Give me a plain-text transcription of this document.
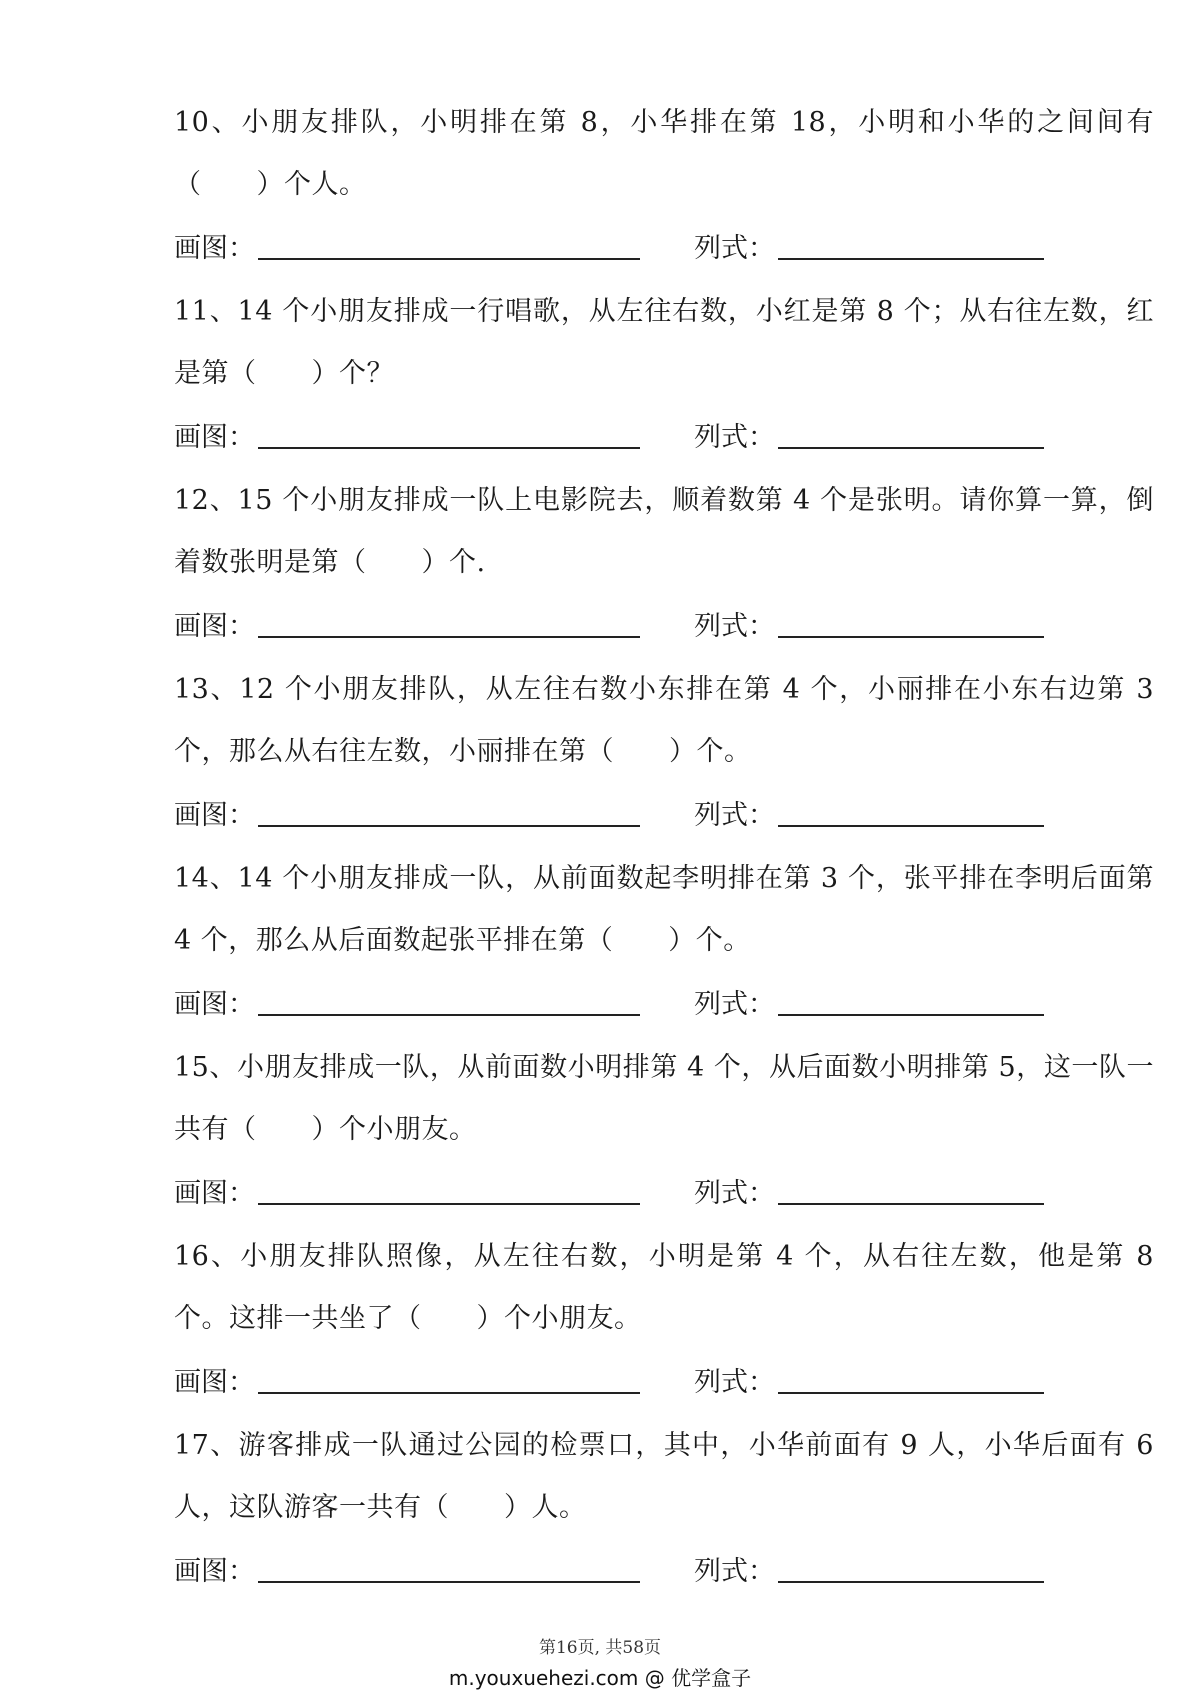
10、小朋友排队，小明排在第 8，小华排在第 18，小明和小华的之间间有（　　）个人。

画图：	列式：

11、14 个小朋友排成一行唱歌，从左往右数，小红是第 8 个；从右往左数，红是第（　　）个？

画图：	列式：

12、15 个小朋友排成一队上电影院去，顺着数第 4 个是张明。请你算一算，倒着数张明是第（　　）个.

画图：	列式：

13、12 个小朋友排队，从左往右数小东排在第 4 个，小丽排在小东右边第 3 个，那么从右往左数，小丽排在第（　　）个。

画图：	列式：

14、14 个小朋友排成一队，从前面数起李明排在第 3 个，张平排在李明后面第 4 个，那么从后面数起张平排在第（　　）个。

画图：	列式：

15、小朋友排成一队，从前面数小明排第 4 个，从后面数小明排第 5，这一队一共有（　　）个小朋友。

画图：	列式：

16、小朋友排队照像，从左往右数，小明是第 4 个，从右往左数，他是第 8 个。这排一共坐了（　　）个小朋友。

画图：	列式：

17、游客排成一队通过公园的检票口，其中，小华前面有 9 人，小华后面有 6 人，这队游客一共有（　　）人。

画图：	列式：
第16页, 共58页
m.youxuehezi.com @ 优学盒子
